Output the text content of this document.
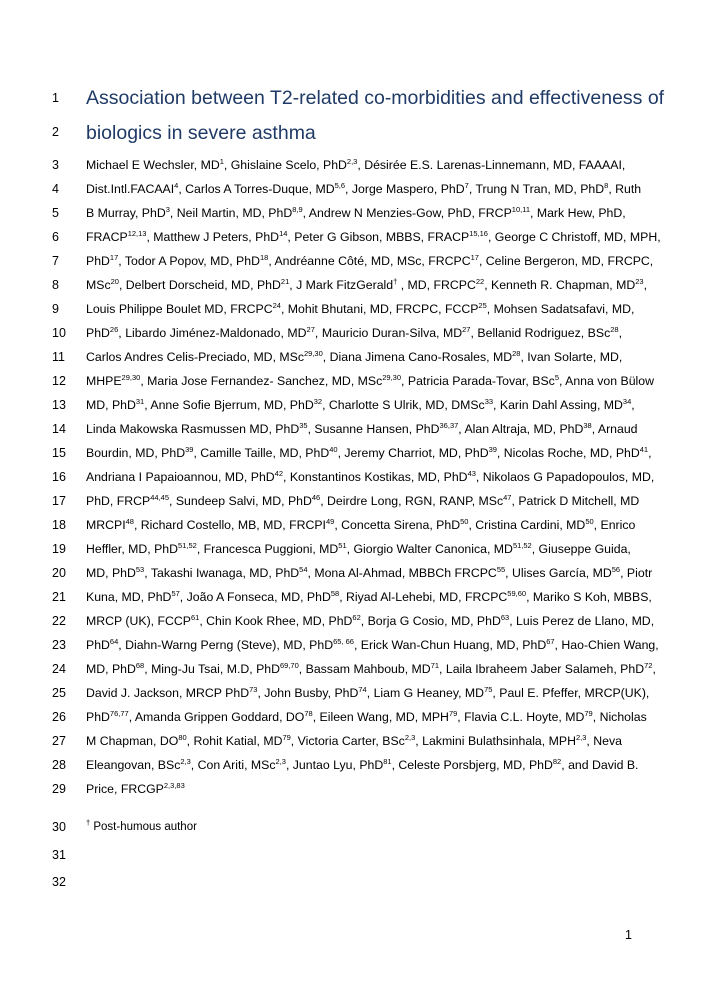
1
2
3
4
5
6
7
8
9
10
11
12
13
14
15
16
17
18
19
20
21
22
23
24
25
26
27
28
29
30
31
32
Association between T2-related co-morbidities and effectiveness of
biologics in severe asthma
Michael E Wechsler, $MD^1$, Ghislaine Scelo, PhD$^{2,3}$, Désirée E.S. Larenas-Linnemann, MD, FAAAAI,
Dist.Intl.FACAAI$^4$, Carlos A Torres-Duque, MD$^{5,6}$, Jorge Maspero, PhD$^7$, Trung N Tran, MD, PhD$^8$, Ruth
B Murray, PhD$^3$, Neil Martin, MD, PhD$^{8,9}$, Andrew N Menzies-Gow, PhD, FRCP$^{10,11}$, Mark Hew, PhD,
FRACP$^{12,13}$, Matthew J Peters, PhD$^{14}$, Peter G Gibson, MBBS, FRACP$^{15,16}$, George C Christoff, MD, MPH,
PhD$^{17}$, Todor A Popov, MD, PhD$^{18}$, Andréanne Côté, MD, MSc, FRCPC$^{17}$, Celine Bergeron, MD, FRCPC,
MSc$^{20}$, Delbert Dorscheid, MD, PhD$^{21}$, J Mark FitzGerald† , MD, FRCPC$^{22}$, Kenneth R. Chapman, MD$^{23}$,
Louis Philippe Boulet MD, FRCPC$^{24}$, Mohit Bhutani, MD, FRCPC, FCCP$^{25}$, Mohsen Sadatsafavi, MD,
PhD$^{26}$, Libardo Jiménez-Maldonado, MD$^{27}$, Mauricio Duran-Silva, MD$^{27}$, Bellanid Rodriguez, BSc$^{28}$,
Carlos Andres Celis-Preciado, MD, MSc$^{29,30}$, Diana Jimena Cano-Rosales, MD$^{28}$, Ivan Solarte, MD,
MHPE$^{29,30}$, Maria Jose Fernandez- Sanchez, MD, MSc$^{29,30}$, Patricia Parada-Tovar, BSc$^5$, Anna von Bülow
MD, PhD$^{31}$, Anne Sofie Bjerrum, MD, PhD$^{32}$, Charlotte S Ulrik, MD, DMSc$^{33}$, Karin Dahl Assing, MD$^{34}$,
Linda Makowska Rasmussen MD, PhD$^{35}$, Susanne Hansen, PhD$^{36,37}$, Alan Altraja, MD, PhD$^{38}$, Arnaud
Bourdin, MD, PhD$^{39}$, Camille Taille, MD, PhD$^{40}$, Jeremy Charriot, MD, PhD$^{39}$, Nicolas Roche, MD, PhD$^{41}$,
Andriana I Papaioannou, MD, PhD$^{42}$, Konstantinos Kostikas, MD, PhD$^{43}$, Nikolaos G Papadopoulos, MD,
PhD, FRCP$^{44,45}$, Sundeep Salvi, MD, PhD$^{46}$, Deirdre Long, RGN, RANP, MSc$^{47}$, Patrick D Mitchell, MD
MRCPI$^{48}$, Richard Costello, MB, MD, FRCPI$^{49}$, Concetta Sirena, PhD$^{50}$, Cristina Cardini, MD$^{50}$, Enrico
Heffler, MD, PhD$^{51,52}$, Francesca Puggioni, MD$^{51}$, Giorgio Walter Canonica, MD$^{51,52}$, Giuseppe Guida,
MD, PhD$^{53}$, Takashi Iwanaga, MD, PhD$^{54}$, Mona Al-Ahmad, MBBCh FRCPC$^{55}$, Ulises García, MD$^{56}$, Piotr
Kuna, MD, PhD$^{57}$, João A Fonseca, MD, PhD$^{58}$, Riyad Al-Lehebi, MD, FRCPC$^{59,60}$, Mariko S Koh, MBBS,
MRCP (UK), FCCP$^{61}$, Chin Kook Rhee, MD, PhD$^{62}$, Borja G Cosio, MD, PhD$^{63}$, Luis Perez de Llano, MD,
PhD$^{64}$, Diahn-Warng Perng (Steve), MD, PhD$^{65, 66}$, Erick Wan-Chun Huang, MD, PhD$^{67}$, Hao-Chien Wang,
MD, PhD$^{68}$, Ming-Ju Tsai, M.D, PhD$^{69,70}$, Bassam Mahboub, MD$^{71}$, Laila Ibraheem Jaber Salameh, PhD$^{72}$,
David J. Jackson, MRCP PhD$^{73}$, John Busby, PhD$^{74}$, Liam G Heaney, MD$^{75}$, Paul E. Pfeffer, MRCP(UK),
PhD$^{76,77}$, Amanda Grippen Goddard, DO$^{78}$, Eileen Wang, MD, MPH$^{79}$, Flavia C.L. Hoyte, MD$^{79}$, Nicholas
M Chapman, DO$^{80}$, Rohit Katial, MD$^{79}$, Victoria Carter, BSc$^{2,3}$, Lakmini Bulathsinhala, MPH$^{2,3}$, Neva
Eleangovan, BSc$^{2,3}$, Con Ariti, MSc$^{2,3}$, Juntao Lyu, PhD$^{81}$, Celeste Porsbjerg, MD, PhD$^{82}$, and David B.
Price, FRCGP$^{2,3,83}$
† Post-humous author
1
